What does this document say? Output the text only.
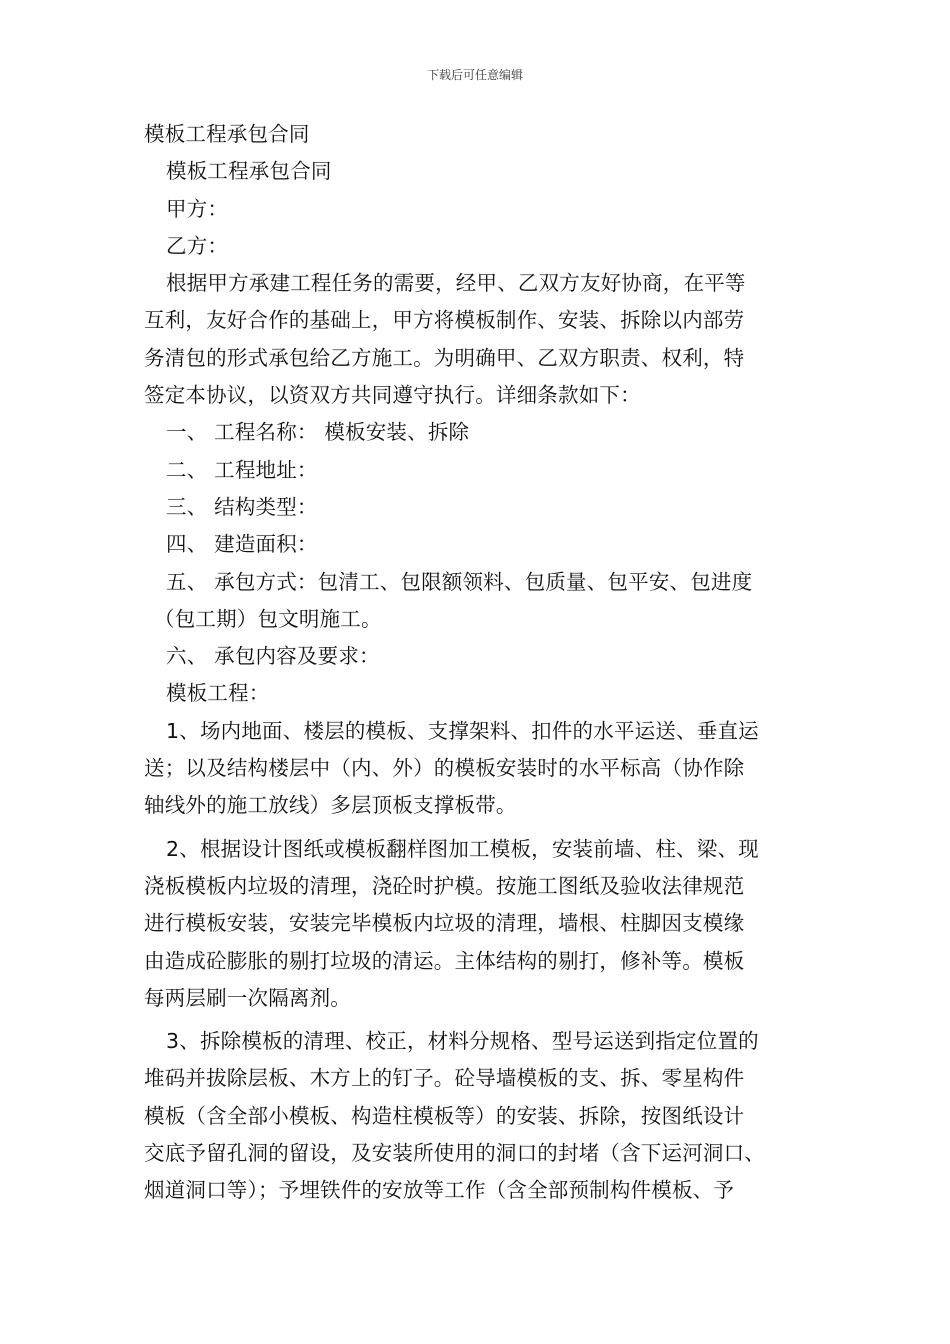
下载后可任意编辑
模板工程承包合同
模板工程承包合同
甲方：
乙方：
根据甲方承建工程任务的需要，经甲、乙双方友好协商，在平等
互利，友好合作的基础上，甲方将模板制作、安装、拆除以内部劳
务清包的形式承包给乙方施工。为明确甲、乙双方职责、权利，特
签定本协议，以资双方共同遵守执行。详细条款如下：
一、 工程名称： 模板安装、拆除
二、 工程地址：
三、 结构类型：
四、 建造面积：
五、 承包方式：包清工、包限额领料、包质量、包平安、包进度
（包工期）包文明施工。
六、 承包内容及要求：
模板工程：
1、场内地面、楼层的模板、支撑架料、扣件的水平运送、垂直运
送；以及结构楼层中（内、外）的模板安装时的水平标高（协作除
轴线外的施工放线）多层顶板支撑板带。
2、根据设计图纸或模板翻样图加工模板，安装前墙、柱、梁、现
浇板模板内垃圾的清理，浇砼时护模。按施工图纸及验收法律规范
进行模板安装，安装完毕模板内垃圾的清理，墙根、柱脚因支模缘
由造成砼膨胀的剔打垃圾的清运。主体结构的剔打，修补等。模板
每两层刷一次隔离剂。
3、拆除模板的清理、校正，材料分规格、型号运送到指定位置的
堆码并拔除层板、木方上的钉子。砼导墙模板的支、拆、零星构件
模板（含全部小模板、构造柱模板等）的安装、拆除，按图纸设计
交底予留孔洞的留设，及安装所使用的洞口的封堵（含下运河洞口、
烟道洞口等）；予埋铁件的安放等工作（含全部预制构件模板、予
